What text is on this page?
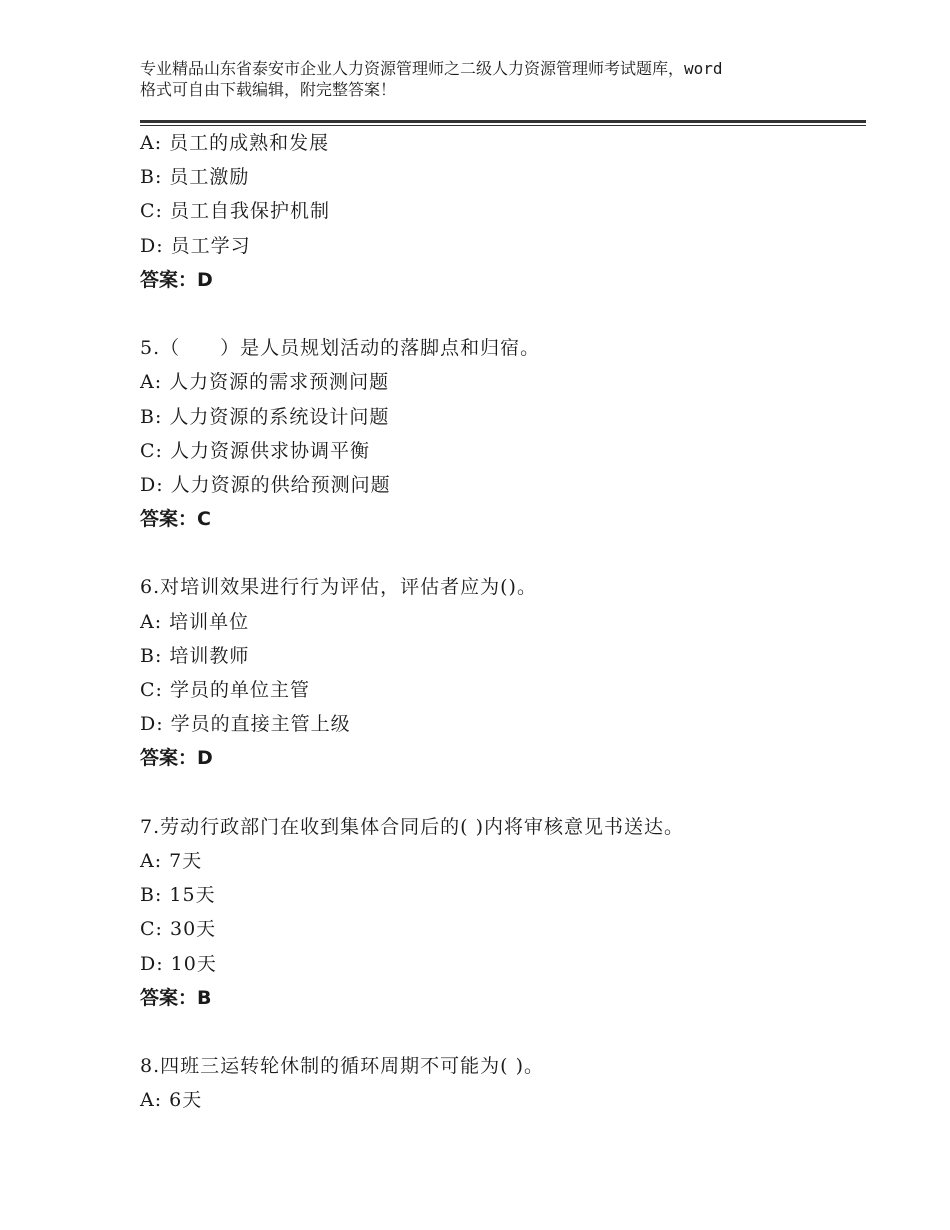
专业精品山东省泰安市企业人力资源管理师之二级人力资源管理师考试题库，word
格式可自由下载编辑，附完整答案！
A: 员工的成熟和发展
B: 员工激励
C: 员工自我保护机制
D: 员工学习
答案：D
5.（　　）是人员规划活动的落脚点和归宿。
A: 人力资源的需求预测问题
B: 人力资源的系统设计问题
C: 人力资源供求协调平衡
D: 人力资源的供给预测问题
答案：C
6.对培训效果进行行为评估，评估者应为()。
A: 培训单位
B: 培训教师
C: 学员的单位主管
D: 学员的直接主管上级
答案：D
7.劳动行政部门在收到集体合同后的( )内将审核意见书送达。
A: 7天
B: 15天
C: 30天
D: 10天
答案：B
8.四班三运转轮休制的循环周期不可能为( )。
A: 6天
